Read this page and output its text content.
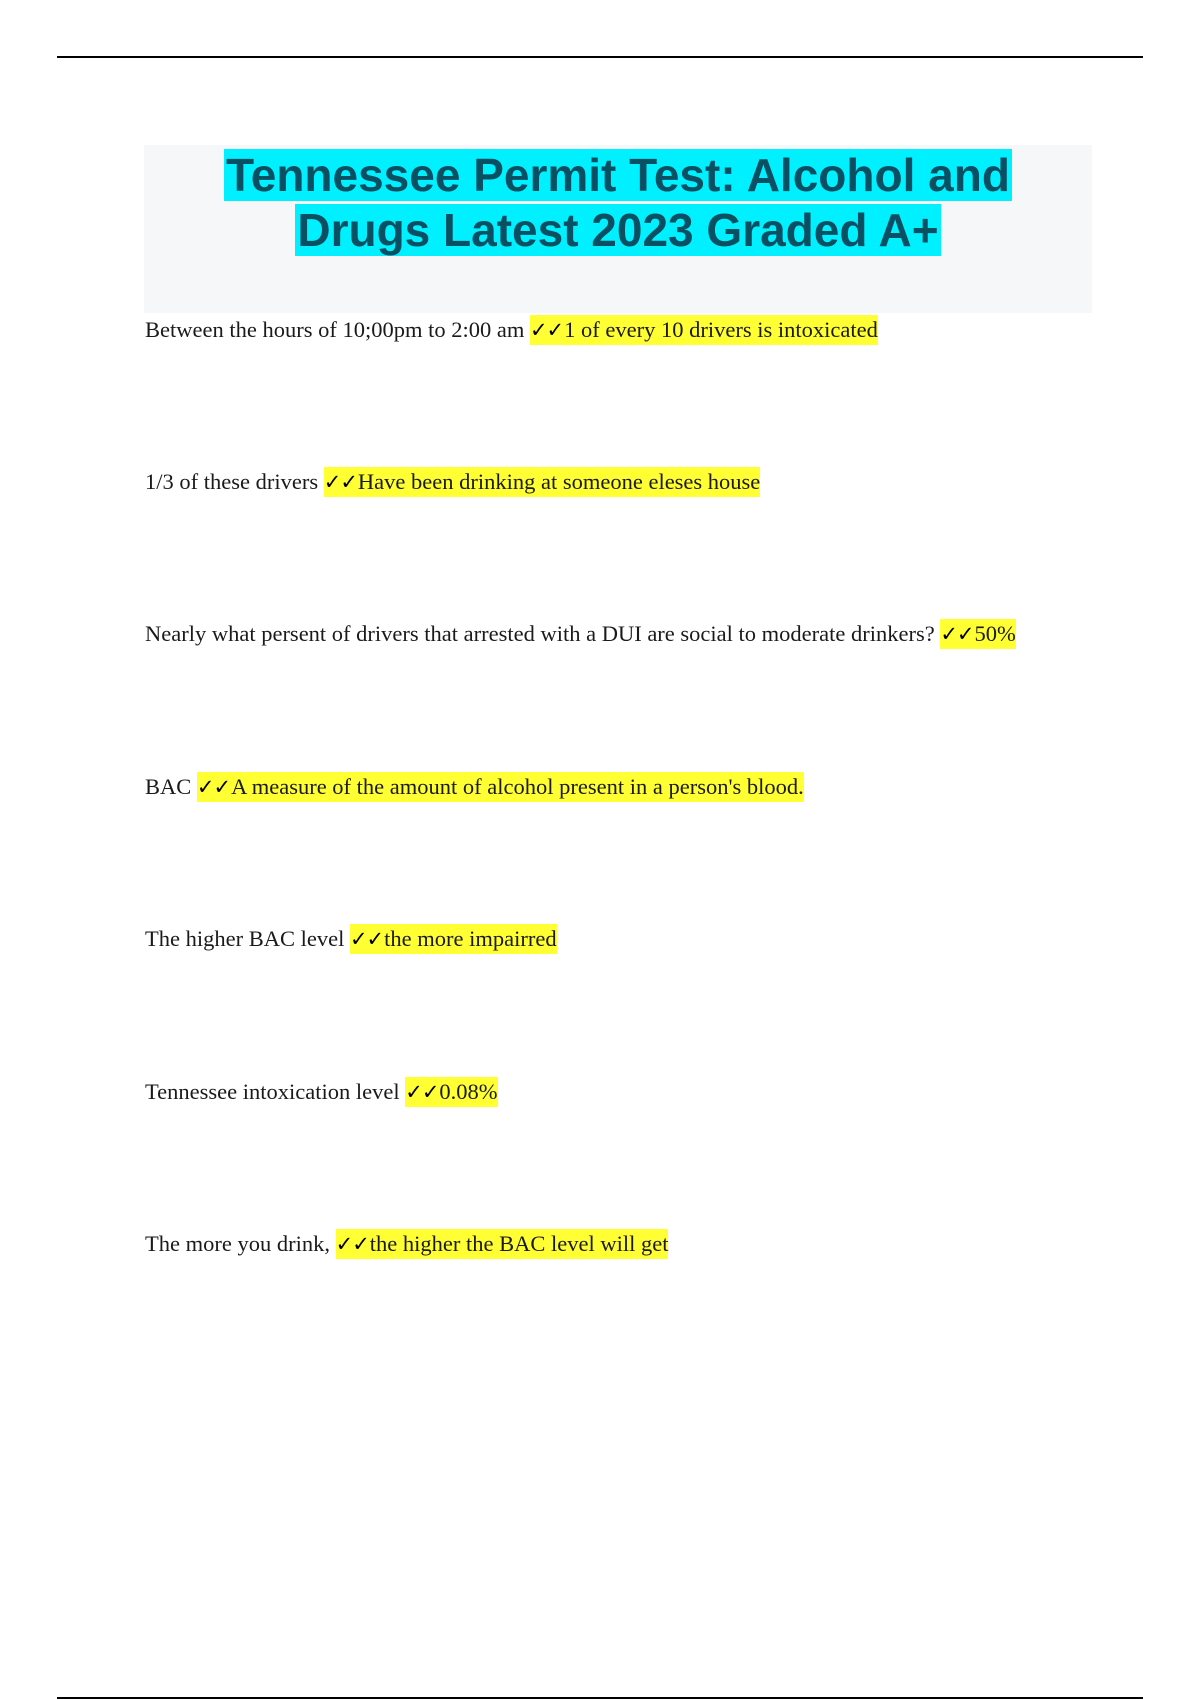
Tennessee Permit Test: Alcohol and
Drugs Latest 2023 Graded A+
Between the hours of 10;00pm to 2:00 am ✓✓1 of every 10 drivers is intoxicated
1/3 of these drivers ✓✓Have been drinking at someone eleses house
Nearly what persent of drivers that arrested with a DUI are social to moderate drinkers? ✓✓50%
BAC ✓✓A measure of the amount of alcohol present in a person's blood.
The higher BAC level ✓✓the more impairred
Tennessee intoxication level ✓✓0.08%
The more you drink, ✓✓the higher the BAC level will get
